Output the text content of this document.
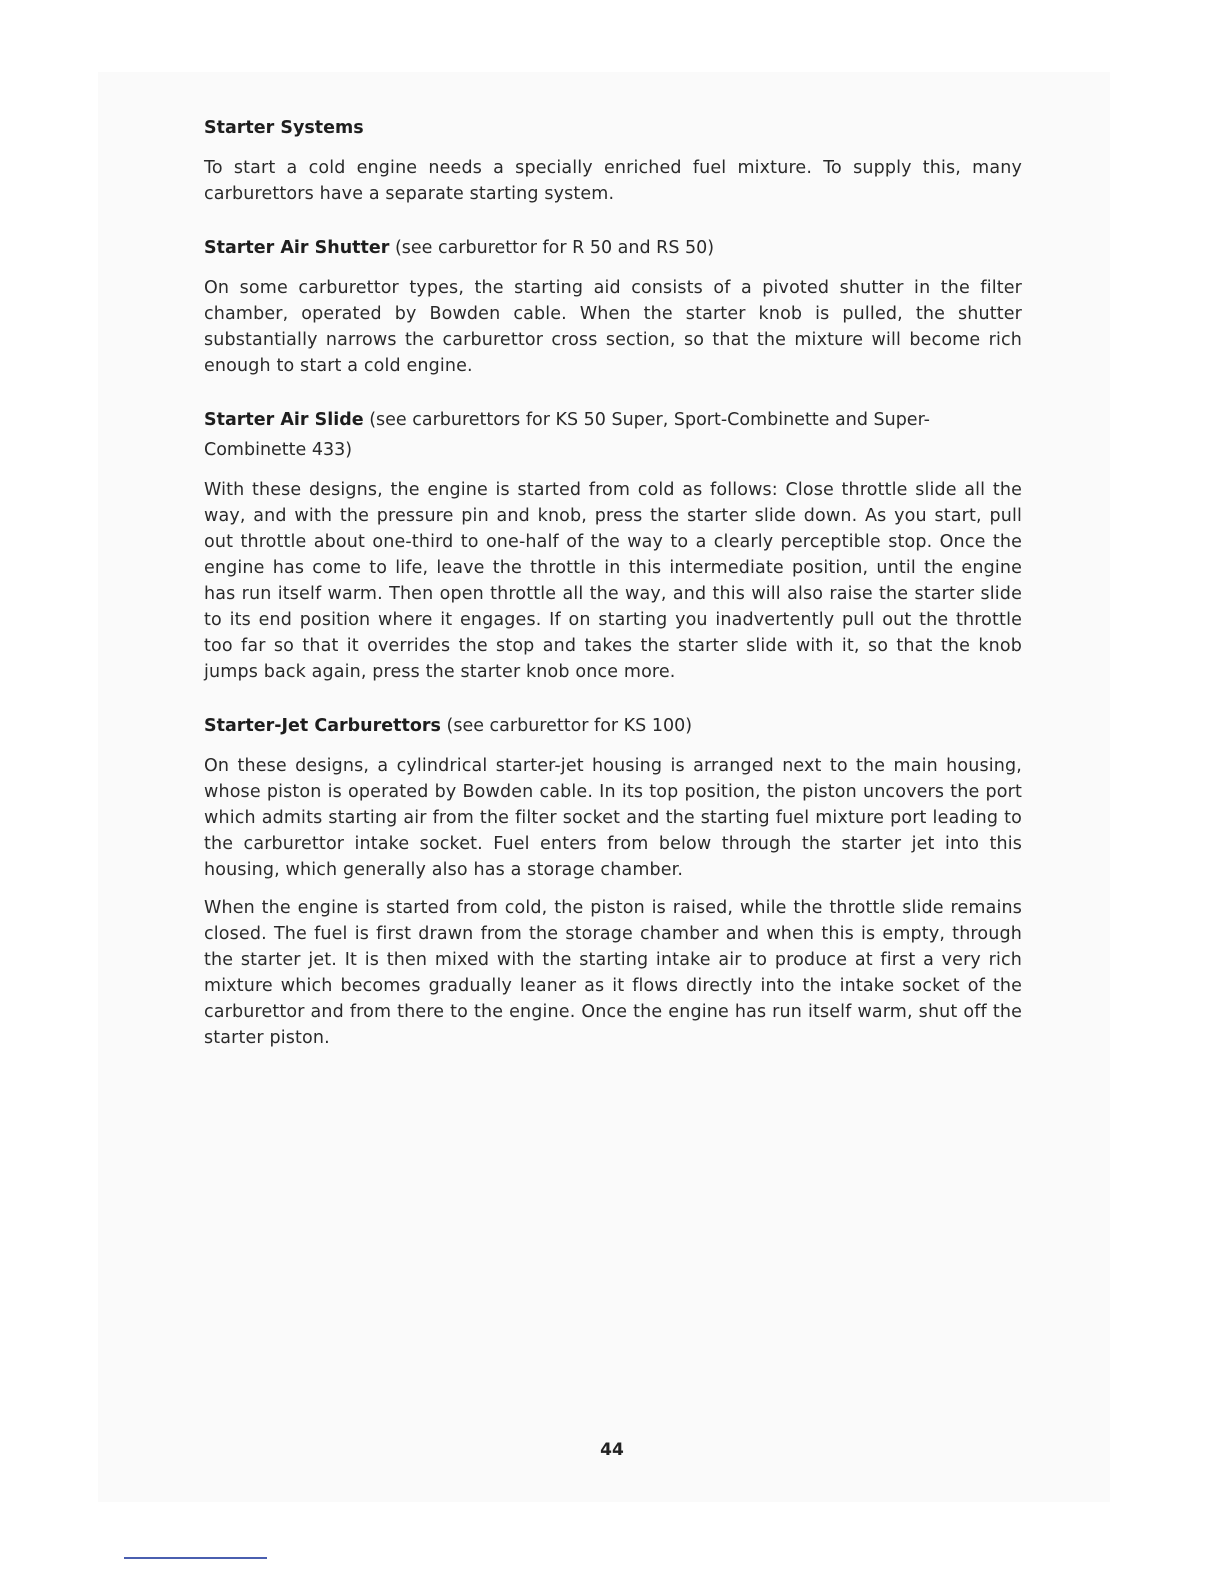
Starter Systems

To start a cold engine needs a specially enriched fuel mixture. To supply this, many carburettors have a separate starting system.

Starter Air Shutter (see carburettor for R 50 and RS 50)

On some carburettor types, the starting aid consists of a pivoted shutter in the filter chamber, operated by Bowden cable. When the starter knob is pulled, the shutter substantially narrows the carburettor cross section, so that the mixture will become rich enough to start a cold engine.

Starter Air Slide (see carburettors for KS 50 Super, Sport-Combinette and Super-Combinette 433)

With these designs, the engine is started from cold as follows: Close throttle slide all the way, and with the pressure pin and knob, press the starter slide down. As you start, pull out throttle about one-third to one-half of the way to a clearly perceptible stop. Once the engine has come to life, leave the throttle in this intermediate position, until the engine has run itself warm. Then open throttle all the way, and this will also raise the starter slide to its end position where it engages. If on starting you inadvertently pull out the throttle too far so that it overrides the stop and takes the starter slide with it, so that the knob jumps back again, press the starter knob once more.

Starter-Jet Carburettors (see carburettor for KS 100)

On these designs, a cylindrical starter-jet housing is arranged next to the main housing, whose piston is operated by Bowden cable. In its top position, the piston uncovers the port which admits starting air from the filter socket and the starting fuel mixture port leading to the carburettor intake socket. Fuel enters from below through the starter jet into this housing, which generally also has a storage chamber.

When the engine is started from cold, the piston is raised, while the throttle slide remains closed. The fuel is first drawn from the storage chamber and when this is empty, through the starter jet. It is then mixed with the starting intake air to produce at first a very rich mixture which becomes gradually leaner as it flows directly into the intake socket of the carburettor and from there to the engine. Once the engine has run itself warm, shut off the starter piston.

44
